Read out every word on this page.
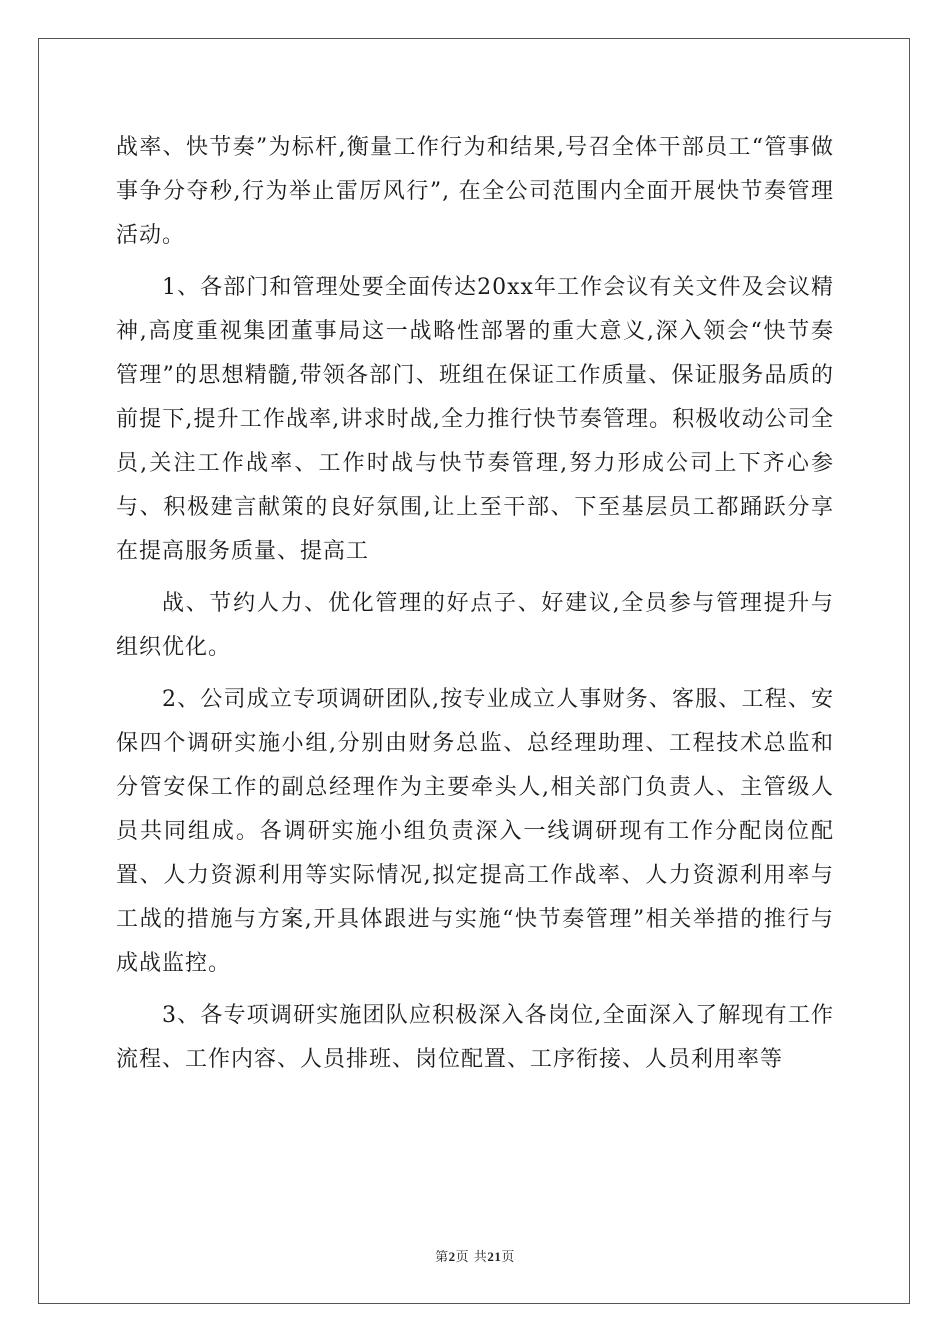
战率、快节奏”为标杆,衡量工作行为和结果,号召全体干部员工“管事做事争分夺秒,行为举止雷厉风行”, 在全公司范围内全面开展快节奏管理活动。

1、各部门和管理处要全面传达20xx年工作会议有关文件及会议精神,高度重视集团董事局这一战略性部署的重大意义,深入领会“快节奏管理”的思想精髓,带领各部门、班组在保证工作质量、保证服务品质的前提下,提升工作战率,讲求时战,全力推行快节奏管理。积极收动公司全员,关注工作战率、工作时战与快节奏管理,努力形成公司上下齐心参与、积极建言献策的良好氛围,让上至干部、下至基层员工都踊跃分享在提高服务质量、提高工

战、节约人力、优化管理的好点子、好建议,全员参与管理提升与组织优化。

2、公司成立专项调研团队,按专业成立人事财务、客服、工程、安保四个调研实施小组,分别由财务总监、总经理助理、工程技术总监和分管安保工作的副总经理作为主要牵头人,相关部门负责人、主管级人员共同组成。各调研实施小组负责深入一线调研现有工作分配岗位配置、人力资源利用等实际情况,拟定提高工作战率、人力资源利用率与工战的措施与方案,开具体跟进与实施“快节奏管理”相关举措的推行与成战监控。

3、各专项调研实施团队应积极深入各岗位,全面深入了解现有工作流程、工作内容、人员排班、岗位配置、工序衔接、人员利用率等

第2页 共21页
